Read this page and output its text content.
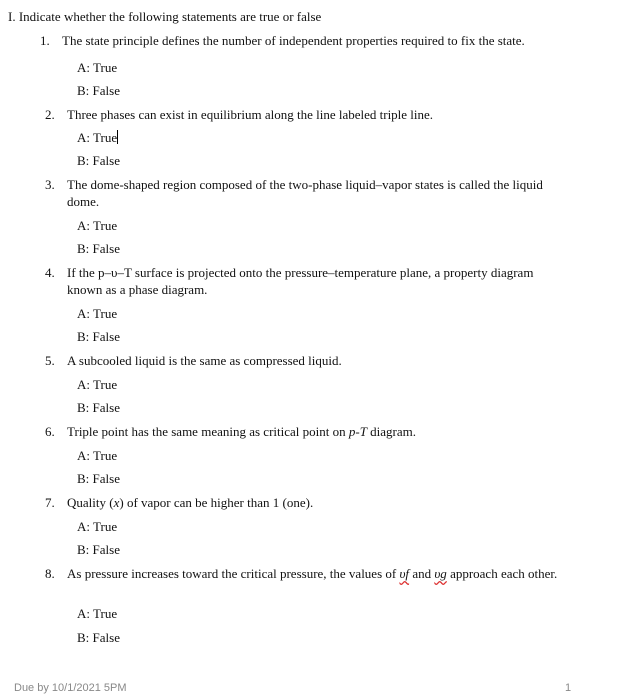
I. Indicate whether the following statements are true or false
1. The state principle defines the number of independent properties required to fix the state.
A: True
B: False
2. Three phases can exist in equilibrium along the line labeled triple line.
A: True
B: False
3. The dome-shaped region composed of the two-phase liquid–vapor states is called the liquid dome.
A: True
B: False
4. If the p–υ–T surface is projected onto the pressure–temperature plane, a property diagram known as a phase diagram.
A: True
B: False
5. A subcooled liquid is the same as compressed liquid.
A: True
B: False
6. Triple point has the same meaning as critical point on p-T diagram.
A: True
B: False
7. Quality (x) of vapor can be higher than 1 (one).
A: True
B: False
8. As pressure increases toward the critical pressure, the values of υf and υg approach each other.
A: True
B: False
Due by 10/1/2021 5PM	1
